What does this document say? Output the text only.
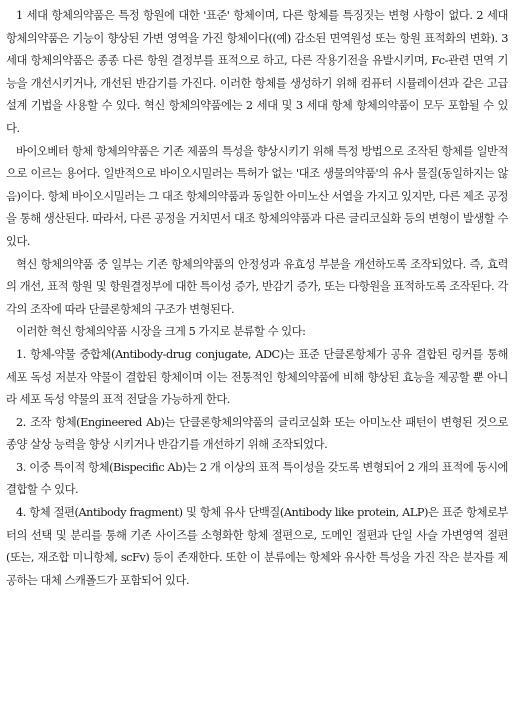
1 세대 항체의약품은 특정 항원에 대한 '표준' 항체이며, 다른 항체를 특징짓는 변형 사항이 없다. 2 세대 항체의약품은 기능이 향상된 가변 영역을 가진 항체이다((예) 감소된 면역원성 또는 항원 표적화의 변화). 3 세대 항체의약품은 종종 다른 항원 결정부를 표적으로 하고, 다른 작용기전을 유발시키며, Fc-관련 면역 기능을 개선시키거나, 개선된 반감기를 가진다. 이러한 항체를 생성하기 위해 컴퓨터 시뮬레이션과 같은 고급 설계 기법을 사용할 수 있다. 혁신 항체의약품에는 2 세대 및 3 세대 항체 항체의약품이 모두 포함될 수 있다.

바이오베터 항체 항체의약품은 기존 제품의 특성을 향상시키기 위해 특정 방법으로 조작된 항체를 일반적으로 이르는 용어다. 일반적으로 바이오시밀러는 특허가 없는 '대조 생물의약품'의 유사 물질(동일하지는 않음)이다. 항체 바이오시밀러는 그 대조 항체의약품과 동일한 아미노산 서열을 가지고 있지만, 다른 제조 공정을 통해 생산된다. 따라서, 다른 공정을 거치면서 대조 항체의약품과 다른 글리코실화 등의 변형이 발생할 수 있다.

혁신 항체의약품 중 일부는 기존 항체의약품의 안정성과 유효성 부분을 개선하도록 조작되었다. 즉, 효력의 개선, 표적 항원 및 항원결정부에 대한 특이성 증가, 반감기 증가, 또는 다항원을 표적하도록 조작된다. 각각의 조작에 따라 단클론항체의 구조가 변형된다.

이러한 혁신 항체의약품 시장을 크게 5 가지로 분류할 수 있다:

1. 항체-약물 중합체(Antibody-drug conjugate, ADC)는 표준 단클론항체가 공유 결합된 링커를 통해 세포 독성 저분자 약물이 결합된 항체이며 이는 전통적인 항체의약품에 비해 향상된 효능을 제공할 뿐 아니라 세포 독성 약물의 표적 전달을 가능하게 한다.

2. 조작 항체(Engineered Ab)는 단클론항체의약품의 글리코실화 또는 아미노산 패턴이 변형된 것으로 종양 살상 능력을 향상 시키거나 반감기를 개선하기 위해 조작되었다.

3. 이중 특이적 항체(Bispecific Ab)는 2 개 이상의 표적 특이성을 갖도록 변형되어 2 개의 표적에 동시에 결합할 수 있다.

4. 항체 절편(Antibody fragment) 및 항체 유사 단백질(Antibody like protein, ALP)은 표준 항체로부터의 선택 및 분리를 통해 기존 사이즈를 소형화한 항체 절편으로, 도메인 절편과 단일 사슬 가변영역 절편(또는, 재조합 미니항체, scFv) 등이 존재한다. 또한 이 분류에는 항체와 유사한 특성을 가진 작은 분자를 제공하는 대체 스캐폴드가 포함되어 있다.
